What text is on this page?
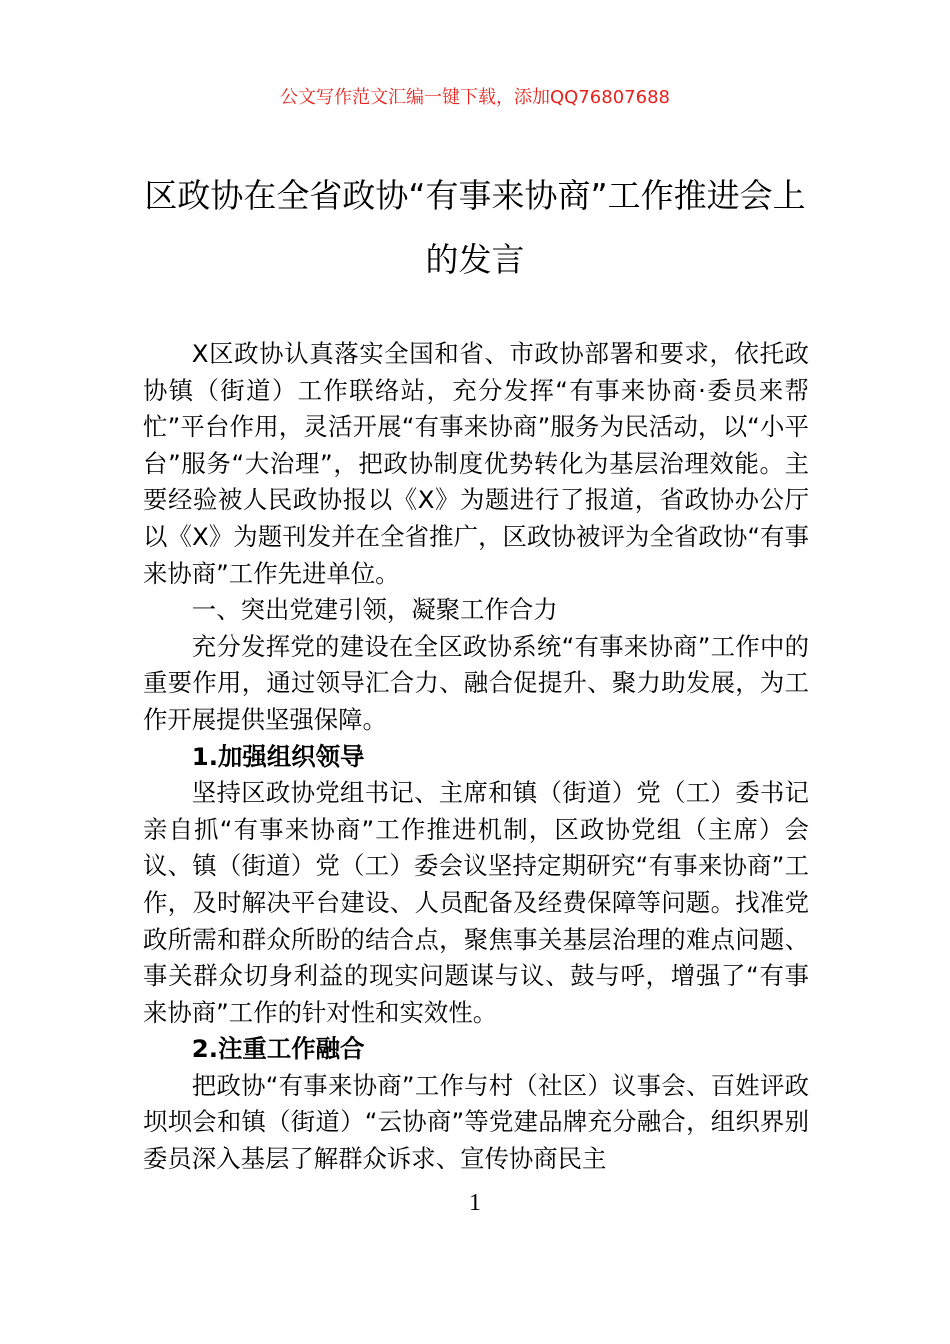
公文写作范文汇编一键下载，添加QQ76807688
区政协在全省政协“有事来协商”工作推进会上的发言

X区政协认真落实全国和省、市政协部署和要求，依托政协镇（街道）工作联络站，充分发挥“有事来协商·委员来帮忙”平台作用，灵活开展“有事来协商”服务为民活动，以“小平台”服务“大治理”，把政协制度优势转化为基层治理效能。主要经验被人民政协报以《X》为题进行了报道，省政协办公厅以《X》为题刊发并在全省推广，区政协被评为全省政协“有事来协商”工作先进单位。

一、突出党建引领，凝聚工作合力

充分发挥党的建设在全区政协系统“有事来协商”工作中的重要作用，通过领导汇合力、融合促提升、聚力助发展，为工作开展提供坚强保障。

1.加强组织领导

坚持区政协党组书记、主席和镇（街道）党（工）委书记亲自抓“有事来协商”工作推进机制，区政协党组（主席）会议、镇（街道）党（工）委会议坚持定期研究“有事来协商”工作，及时解决平台建设、人员配备及经费保障等问题。找准党政所需和群众所盼的结合点，聚焦事关基层治理的难点问题、事关群众切身利益的现实问题谋与议、鼓与呼，增强了“有事来协商”工作的针对性和实效性。

2.注重工作融合

把政协“有事来协商”工作与村（社区）议事会、百姓评政坝坝会和镇（街道）“云协商”等党建品牌充分融合，组织界别委员深入基层了解群众诉求、宣传协商民主

1
